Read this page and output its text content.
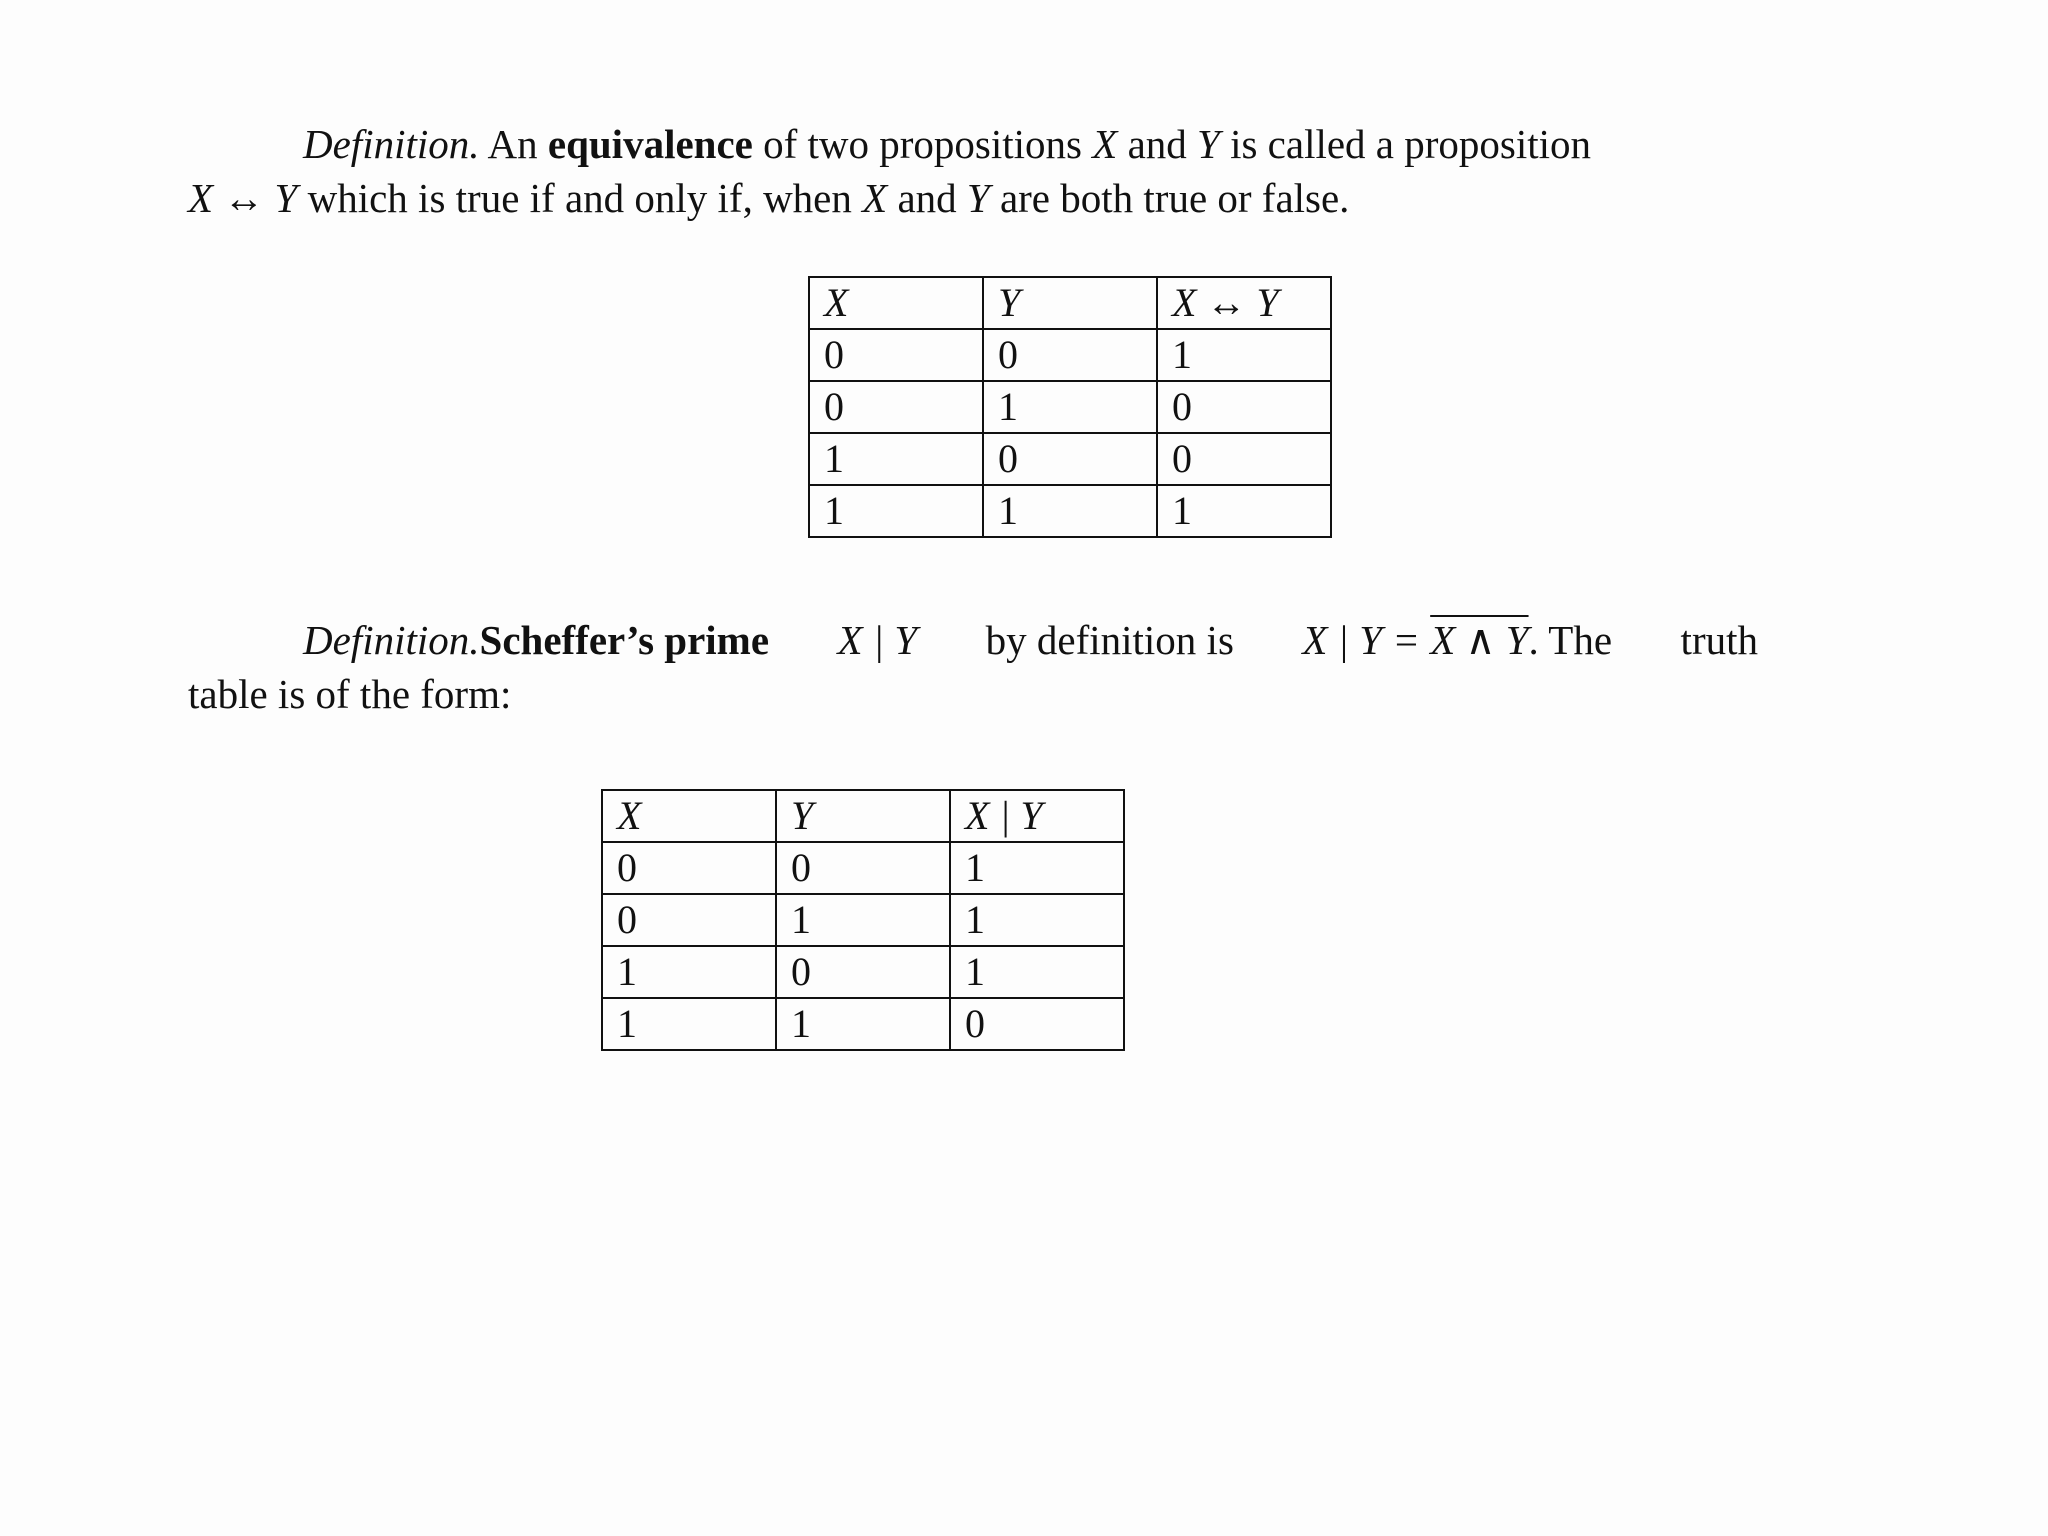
Definition. An equivalence of two propositions X and Y is called a proposition
X ↔ Y which is true if and only if, when X and Y are both true or false.
X	Y	X ↔ Y
0	0	1
0	1	0
1	0	0
1	1	1
Definition.Scheffer’s prime X | Y by definition is X | Y = X ∧ Y. The truth
table is of the form:
X	Y	X | Y
0	0	1
0	1	1
1	0	1
1	1	0
